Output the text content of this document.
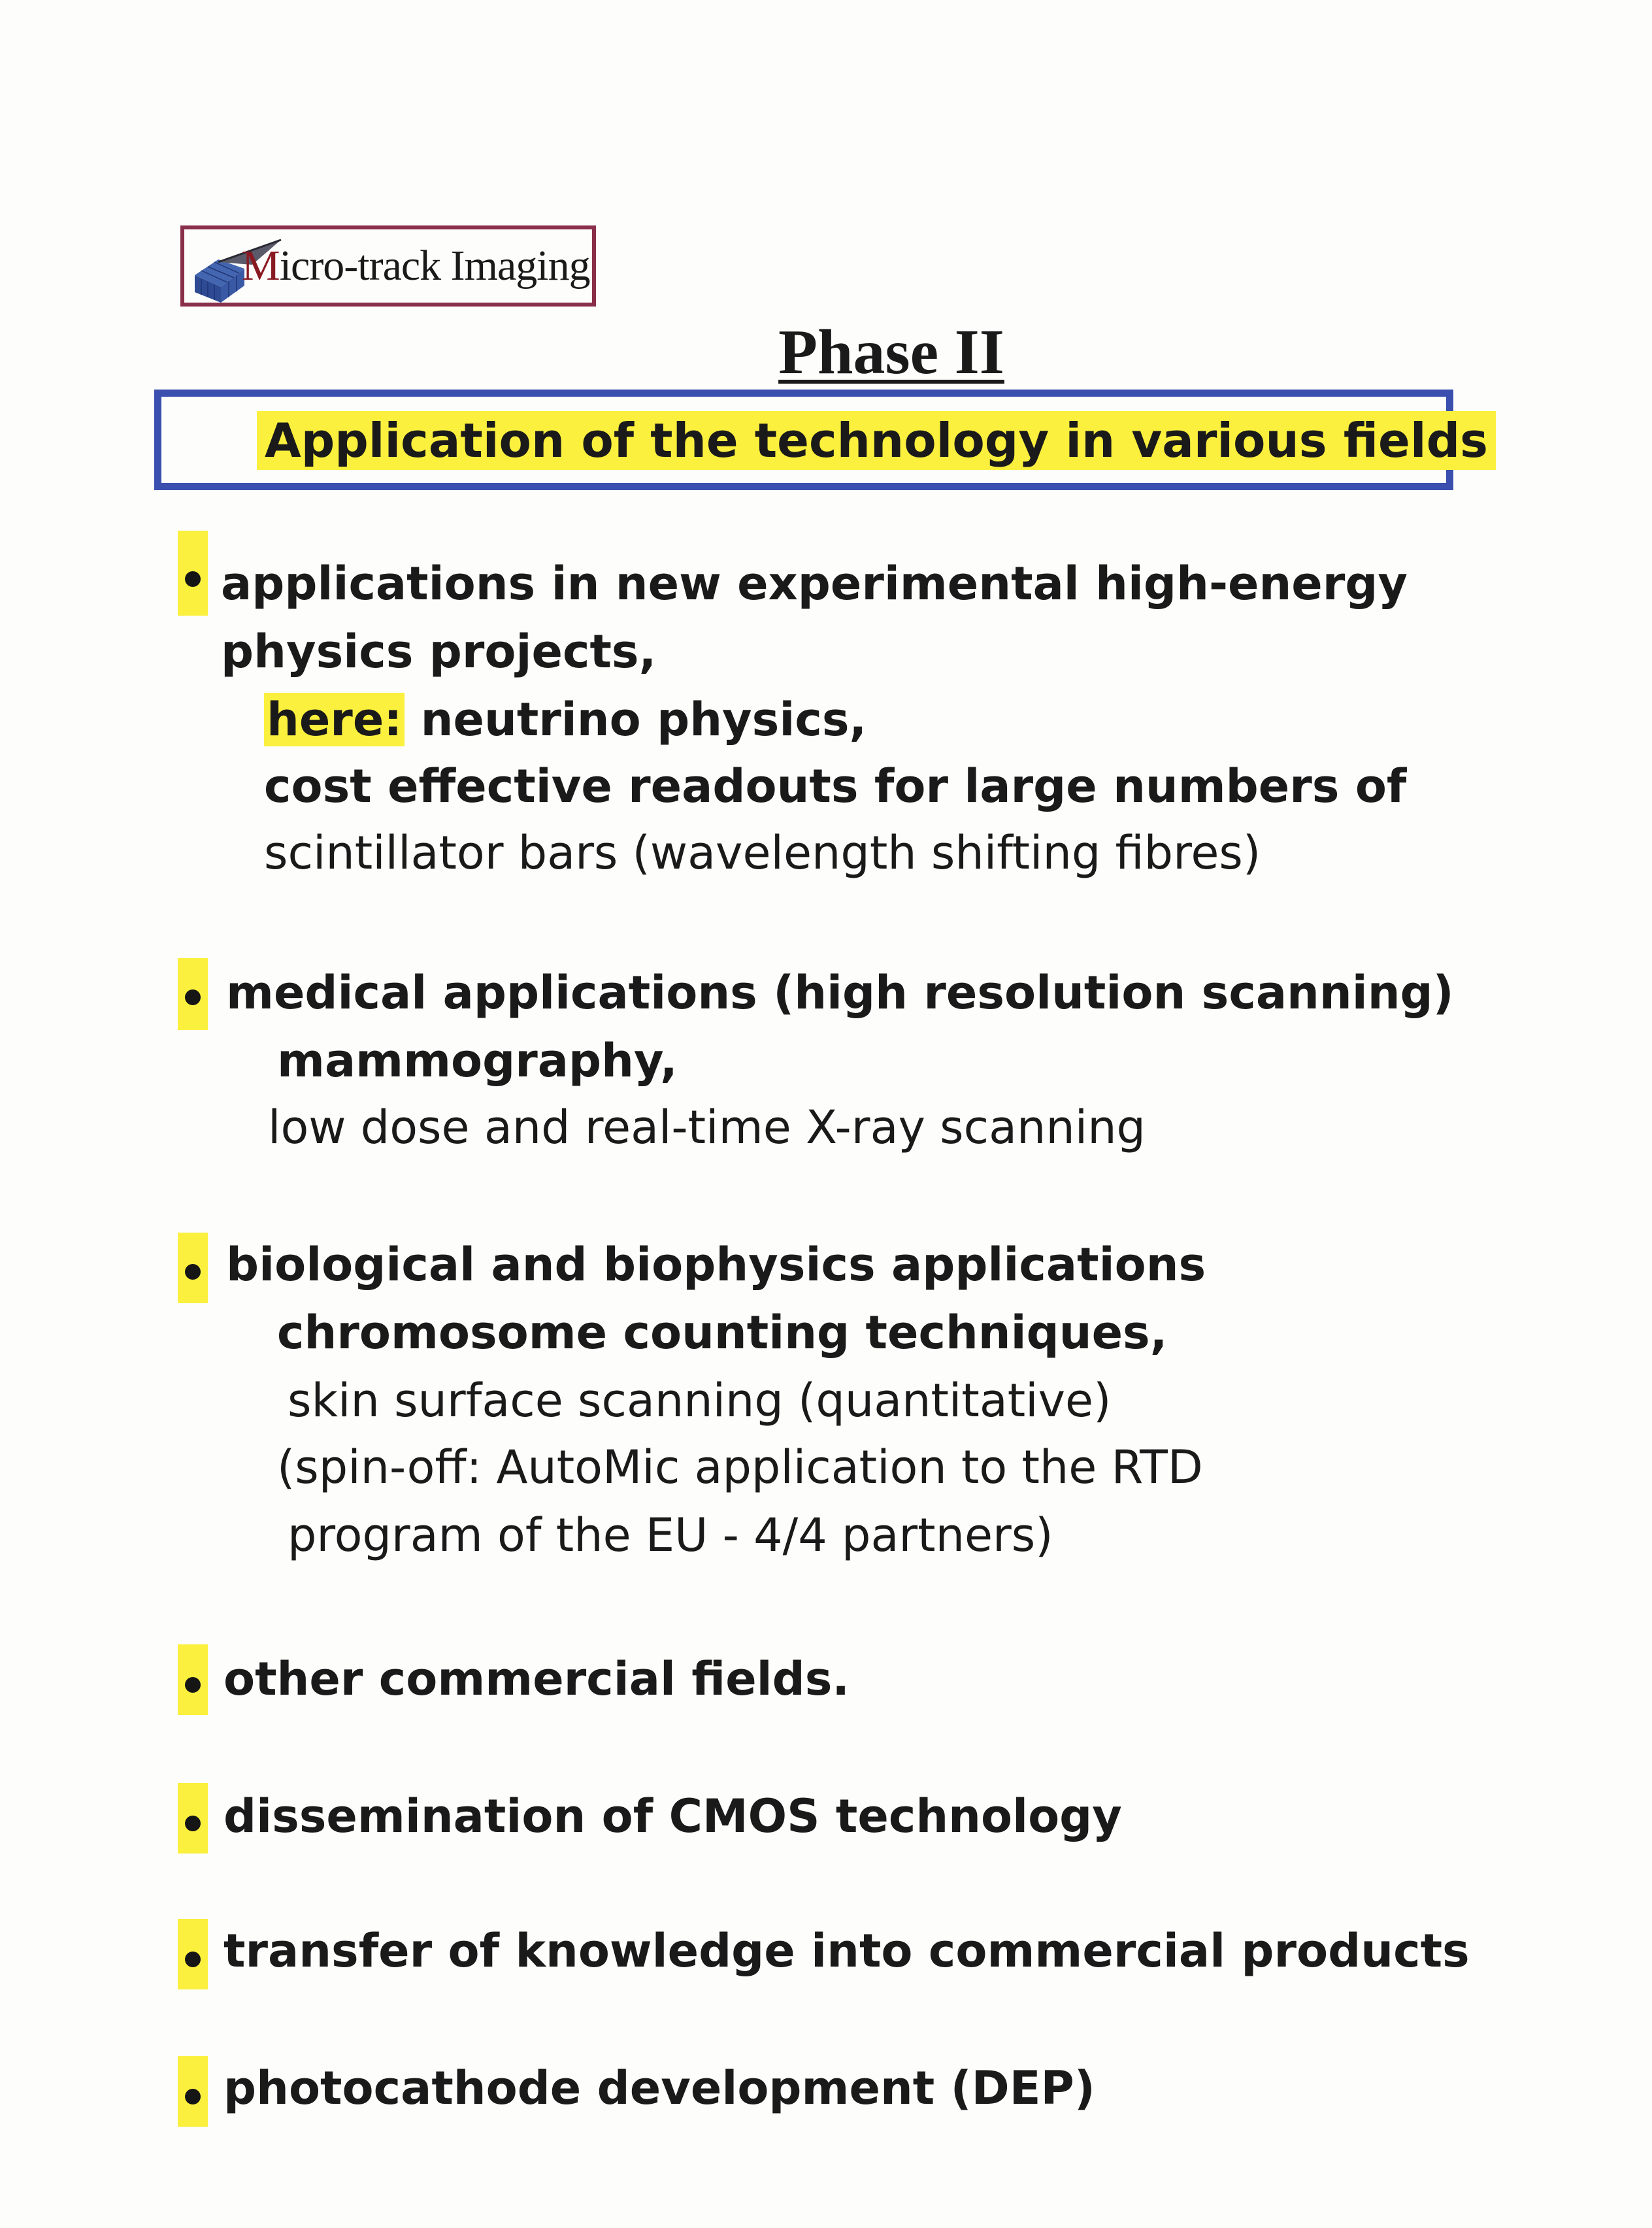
Micro-track Imaging
Phase II
Application of the technology in various fields
applications in new experimental high-energy
physics projects,
here: neutrino physics,
cost effective readouts for large numbers of
scintillator bars (wavelength shifting fibres)
medical applications (high resolution scanning)
mammography,
low dose and real-time X-ray scanning
biological and biophysics applications
chromosome counting techniques,
skin surface scanning (quantitative)
(spin-off: AutoMic application to the RTD
program of the EU - 4/4 partners)
other commercial fields.
dissemination of CMOS technology
transfer of knowledge into commercial products
photocathode development (DEP)
